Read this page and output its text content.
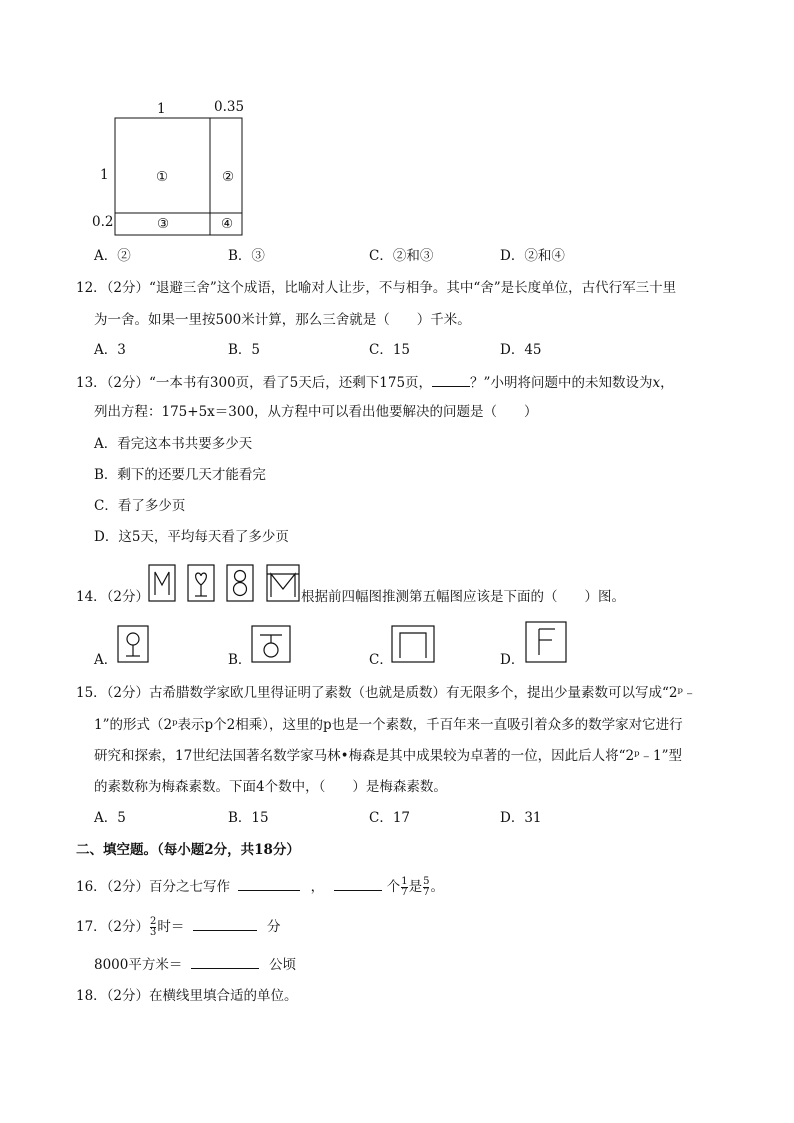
1	0.35
1
0.2
①	②
③	④
A．②	B．③	C．②和③	D．②和④
12．（2分）“退避三舍”这个成语，比喻对人让步，不与相争。其中“舍”是长度单位，古代行军三十里
为一舍。如果一里按500米计算，那么三舍就是（　　）千米。
A．3	B．5	C．15	D．45
13．（2分）“一本书有300页，看了5天后，还剩下175页，	？”小明将问题中的未知数设为x，
列出方程：175+5x＝300，从方程中可以看出他要解决的问题是（　　）
A．看完这本书共要多少天
B．剩下的还要几天才能看完
C．看了多少页
D．这5天，平均每天看了多少页
14．（2分）	根据前四幅图推测第五幅图应该是下面的（　　）图。
A．	B．	C．	D．
15．（2分）古希腊数学家欧几里得证明了素数（也就是质数）有无限多个，提出少量素数可以写成“2ᵖ﹣
1”的形式（2ᵖ表示p个2相乘），这里的p也是一个素数，千百年来一直吸引着众多的数学家对它进行
研究和探索，17世纪法国著名数学家马林•梅森是其中成果较为卓著的一位，因此后人将“2ᵖ﹣1”型
的素数称为梅森素数。下面4个数中，（　　）是梅森素数。
A．5	B．15	C．17	D．31
二、填空题。（每小题2分，共18分）
16．（2分）百分之七写作	，	个 $\frac{1}{7}$ 是 $\frac{5}{7}$ 。
17．（2分） $\frac{2}{3}$ 时＝	分
8000平方米＝	公顷
18．（2分）在横线里填合适的单位。
